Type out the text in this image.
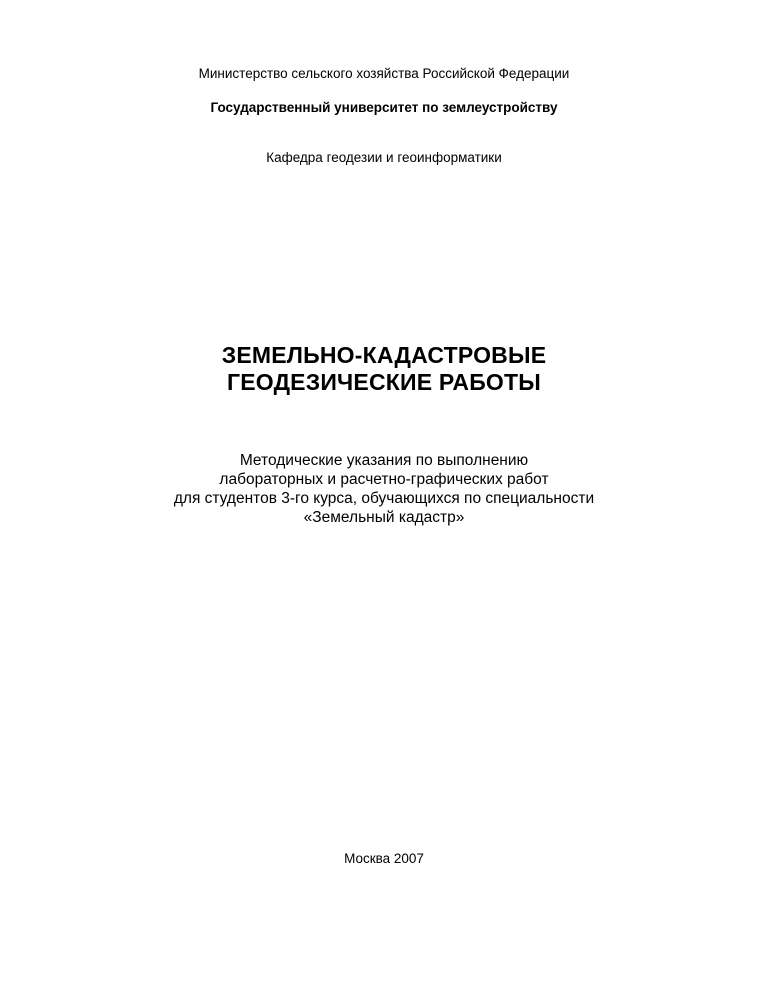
Министерство сельского хозяйства Российской Федерации
Государственный университет по землеустройству
Кафедра геодезии и геоинформатики
ЗЕМЕЛЬНО-КАДАСТРОВЫЕ
ГЕОДЕЗИЧЕСКИЕ РАБОТЫ
Методические указания по выполнению
лабораторных и расчетно-графических работ
для студентов 3-го курса, обучающихся по специальности
«Земельный кадастр»
Москва 2007
